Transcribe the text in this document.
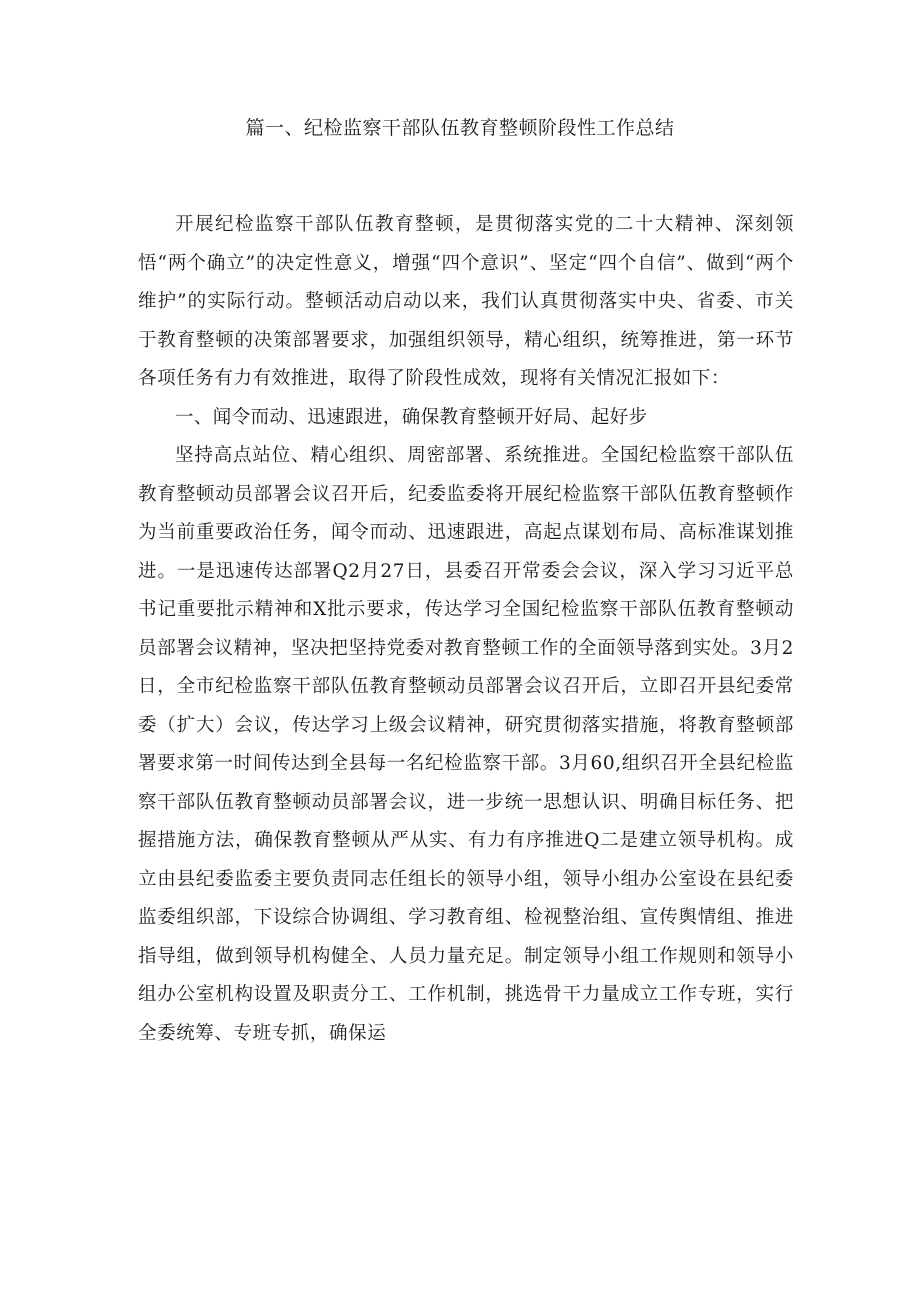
篇一、纪检监察干部队伍教育整顿阶段性工作总结

开展纪检监察干部队伍教育整顿，是贯彻落实党的二十大精神、深刻领悟“两个确立”的决定性意义，增强“四个意识”、坚定“四个自信”、做到“两个维护”的实际行动。整顿活动启动以来，我们认真贯彻落实中央、省委、市关于教育整顿的决策部署要求，加强组织领导，精心组织，统筹推进，第一环节各项任务有力有效推进，取得了阶段性成效，现将有关情况汇报如下：

一、闻令而动、迅速跟进，确保教育整顿开好局、起好步

坚持高点站位、精心组织、周密部署、系统推进。全国纪检监察干部队伍教育整顿动员部署会议召开后，纪委监委将开展纪检监察干部队伍教育整顿作为当前重要政治任务，闻令而动、迅速跟进，高起点谋划布局、高标准谋划推进。一是迅速传达部署Q2月27日，县委召开常委会会议，深入学习习近平总书记重要批示精神和X批示要求，传达学习全国纪检监察干部队伍教育整顿动员部署会议精神，坚决把坚持党委对教育整顿工作的全面领导落到实处。3月2日，全市纪检监察干部队伍教育整顿动员部署会议召开后，立即召开县纪委常委（扩大）会议，传达学习上级会议精神，研究贯彻落实措施，将教育整顿部署要求第一时间传达到全县每一名纪检监察干部。3月60,组织召开全县纪检监察干部队伍教育整顿动员部署会议，进一步统一思想认识、明确目标任务、把握措施方法，确保教育整顿从严从实、有力有序推进Q二是建立领导机构。成立由县纪委监委主要负责同志任组长的领导小组，领导小组办公室设在县纪委监委组织部，下设综合协调组、学习教育组、检视整治组、宣传舆情组、推进指导组，做到领导机构健全、人员力量充足。制定领导小组工作规则和领导小组办公室机构设置及职责分工、工作机制，挑选骨干力量成立工作专班，实行全委统筹、专班专抓，确保运
